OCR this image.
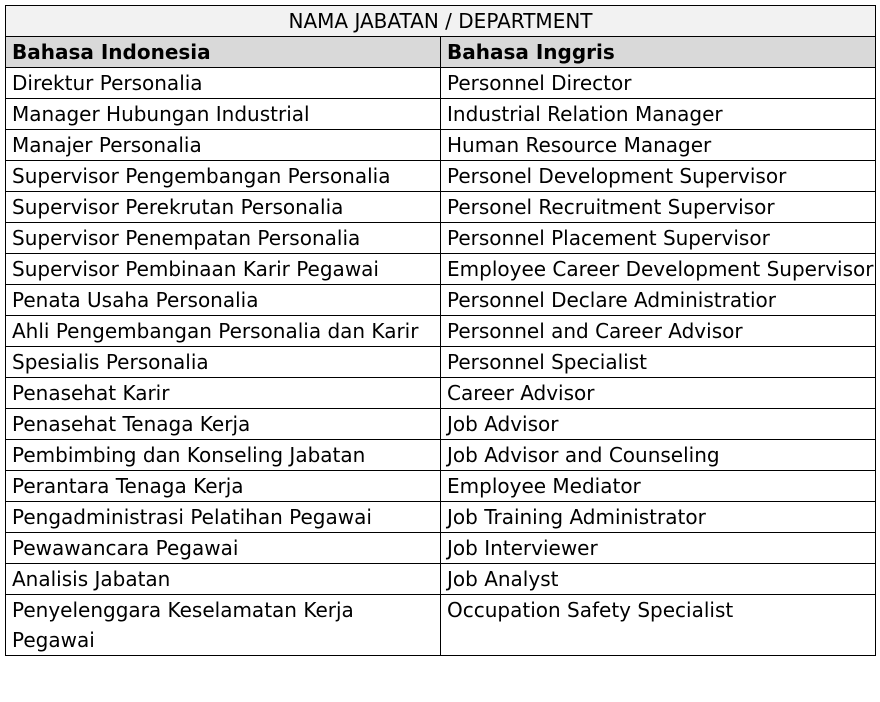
NAMA JABATAN / DEPARTMENT	
Bahasa Indonesia	Bahasa Inggris
Direktur Personalia	Personnel Director
Manager Hubungan Industrial	Industrial Relation Manager
Manajer Personalia	Human Resource Manager
Supervisor Pengembangan Personalia	Personel Development Supervisor
Supervisor Perekrutan Personalia	Personel Recruitment Supervisor
Supervisor Penempatan Personalia	Personnel Placement Supervisor
Supervisor Pembinaan Karir Pegawai	Employee Career Development Supervisor
Penata Usaha Personalia	Personnel Declare Administratior
Ahli Pengembangan Personalia dan Karir	Personnel and Career Advisor
Spesialis Personalia	Personnel Specialist
Penasehat Karir	Career Advisor
Penasehat Tenaga Kerja	Job Advisor
Pembimbing dan Konseling Jabatan	Job Advisor and Counseling
Perantara Tenaga Kerja	Employee Mediator
Pengadministrasi Pelatihan Pegawai	Job Training Administrator
Pewawancara Pegawai	Job Interviewer
Analisis Jabatan	Job Analyst
Penyelenggara Keselamatan Kerja Pegawai	Occupation Safety Specialist
